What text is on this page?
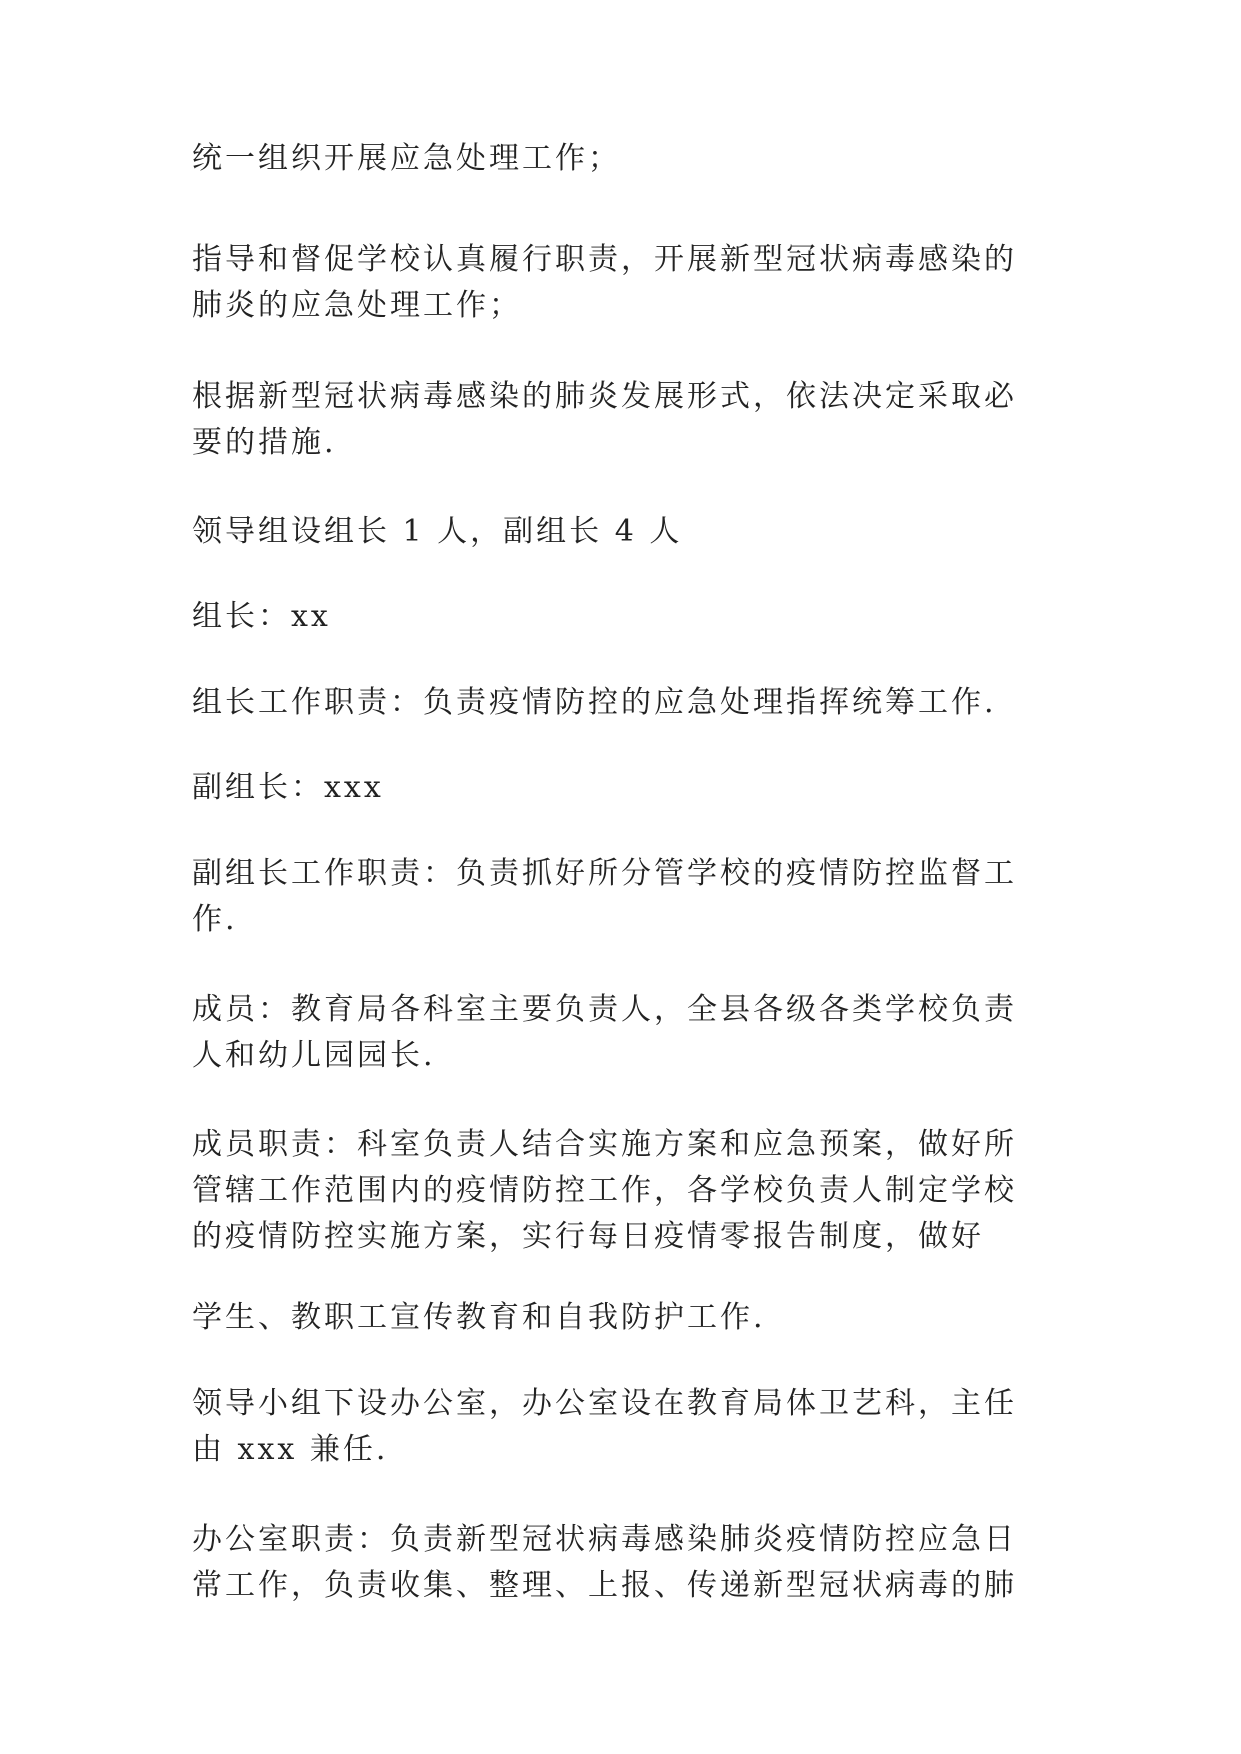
统一组织开展应急处理工作；

指导和督促学校认真履行职责，开展新型冠状病毒感染的
肺炎的应急处理工作；

根据新型冠状病毒感染的肺炎发展形式，依法决定采取必
要的措施.

领导组设组长 1 人，副组长 4 人

组长：xx

组长工作职责：负责疫情防控的应急处理指挥统筹工作.

副组长：xxx

副组长工作职责：负责抓好所分管学校的疫情防控监督工
作.

成员：教育局各科室主要负责人，全县各级各类学校负责
人和幼儿园园长.

成员职责：科室负责人结合实施方案和应急预案，做好所
管辖工作范围内的疫情防控工作，各学校负责人制定学校
的疫情防控实施方案，实行每日疫情零报告制度，做好

学生、教职工宣传教育和自我防护工作.

领导小组下设办公室，办公室设在教育局体卫艺科，主任
由 xxx 兼任.

办公室职责：负责新型冠状病毒感染肺炎疫情防控应急日
常工作，负责收集、整理、上报、传递新型冠状病毒的肺
